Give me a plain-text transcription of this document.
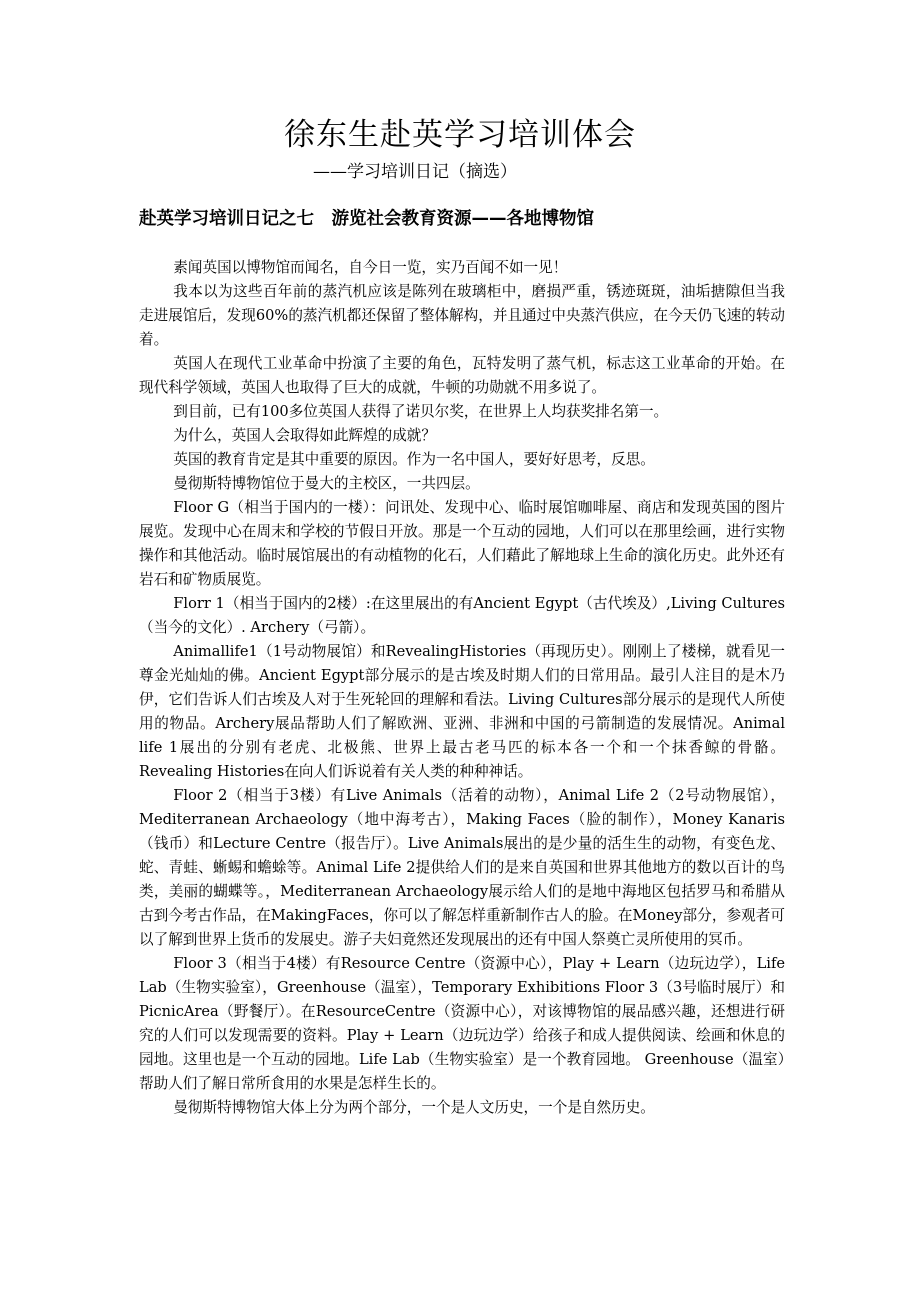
徐东生赴英学习培训体会
——学习培训日记（摘选）
赴英学习培训日记之七　游览社会教育资源——各地博物馆

素闻英国以博物馆而闻名，自今日一览，实乃百闻不如一见！

我本以为这些百年前的蒸汽机应该是陈列在玻璃柜中，磨损严重，锈迹斑斑，油垢搪隙但当我走进展馆后，发现60%的蒸汽机都还保留了整体解构，并且通过中央蒸汽供应，在今天仍飞速的转动着。

英国人在现代工业革命中扮演了主要的角色，瓦特发明了蒸气机，标志这工业革命的开始。在现代科学领域，英国人也取得了巨大的成就，牛顿的功勋就不用多说了。

到目前，已有100多位英国人获得了诺贝尔奖，在世界上人均获奖排名第一。

为什么，英国人会取得如此辉煌的成就？

英国的教育肯定是其中重要的原因。作为一名中国人，要好好思考，反思。

曼彻斯特博物馆位于曼大的主校区，一共四层。

Floor G（相当于国内的一楼）：问讯处、发现中心、临时展馆咖啡屋、商店和发现英国的图片展览。发现中心在周末和学校的节假日开放。那是一个互动的园地，人们可以在那里绘画，进行实物操作和其他活动。临时展馆展出的有动植物的化石，人们藉此了解地球上生命的演化历史。此外还有岩石和矿物质展览。

Florr 1（相当于国内的2楼）:在这里展出的有Ancient Egypt（古代埃及）,Living Cultures（当今的文化）. Archery（弓箭）。

Animallife1（1号动物展馆）和RevealingHistories（再现历史）。刚刚上了楼梯，就看见一尊金光灿灿的佛。Ancient Egypt部分展示的是古埃及时期人们的日常用品。最引人注目的是木乃伊，它们告诉人们古埃及人对于生死轮回的理解和看法。Living Cultures部分展示的是现代人所使用的物品。Archery展品帮助人们了解欧洲、亚洲、非洲和中国的弓箭制造的发展情况。Animal life 1展出的分别有老虎、北极熊、世界上最古老马匹的标本各一个和一个抹香鲸的骨骼。Revealing Histories在向人们诉说着有关人类的种种神话。

Floor 2（相当于3楼）有Live Animals（活着的动物），Animal Life 2（2号动物展馆），Mediterranean Archaeology（地中海考古），Making Faces（脸的制作），Money Kanaris（钱币）和Lecture Centre（报告厅）。Live Animals展出的是少量的活生生的动物，有变色龙、蛇、青蛙、蜥蜴和蟾蜍等。Animal Life 2提供给人们的是来自英国和世界其他地方的数以百计的鸟类，美丽的蝴蝶等。，Mediterranean Archaeology展示给人们的是地中海地区包括罗马和希腊从古到今考古作品，在MakingFaces，你可以了解怎样重新制作古人的脸。在Money部分，参观者可以了解到世界上货币的发展史。游子夫妇竟然还发现展出的还有中国人祭奠亡灵所使用的冥币。

Floor 3（相当于4楼）有Resource Centre（资源中心），Play + Learn（边玩边学），Life Lab（生物实验室），Greenhouse（温室），Temporary Exhibitions Floor 3（3号临时展厅）和PicnicArea（野餐厅）。在ResourceCentre（资源中心），对该博物馆的展品感兴趣，还想进行研究的人们可以发现需要的资料。Play + Learn（边玩边学）给孩子和成人提供阅读、绘画和休息的园地。这里也是一个互动的园地。Life Lab（生物实验室）是一个教育园地。 Greenhouse（温室）帮助人们了解日常所食用的水果是怎样生长的。

曼彻斯特博物馆大体上分为两个部分，一个是人文历史，一个是自然历史。
